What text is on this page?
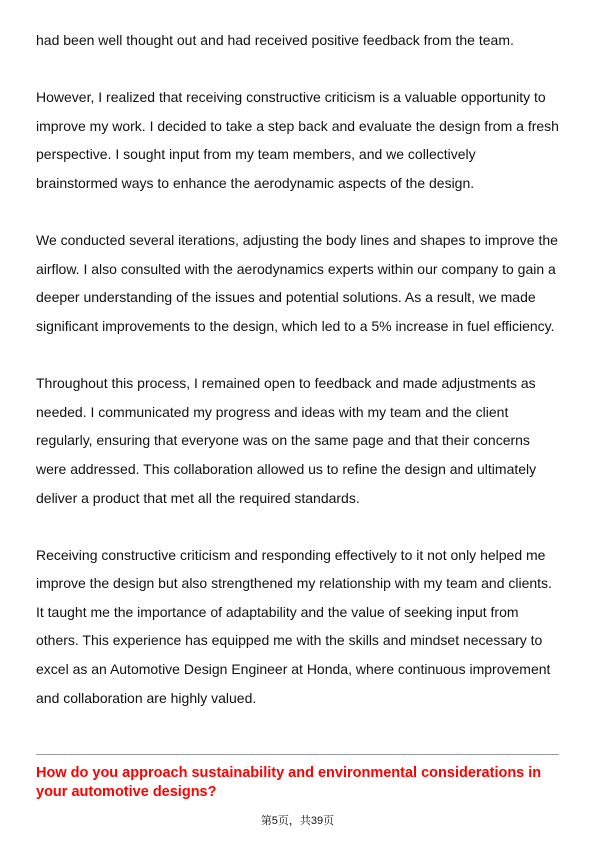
had been well thought out and had received positive feedback from the team.

However, I realized that receiving constructive criticism is a valuable opportunity to improve my work. I decided to take a step back and evaluate the design from a fresh perspective. I sought input from my team members, and we collectively brainstormed ways to enhance the aerodynamic aspects of the design.

We conducted several iterations, adjusting the body lines and shapes to improve the airflow. I also consulted with the aerodynamics experts within our company to gain a deeper understanding of the issues and potential solutions. As a result, we made significant improvements to the design, which led to a 5% increase in fuel efficiency.

Throughout this process, I remained open to feedback and made adjustments as needed. I communicated my progress and ideas with my team and the client regularly, ensuring that everyone was on the same page and that their concerns were addressed. This collaboration allowed us to refine the design and ultimately deliver a product that met all the required standards.

Receiving constructive criticism and responding effectively to it not only helped me improve the design but also strengthened my relationship with my team and clients. It taught me the importance of adaptability and the value of seeking input from others. This experience has equipped me with the skills and mindset necessary to excel as an Automotive Design Engineer at Honda, where continuous improvement and collaboration are highly valued.

How do you approach sustainability and environmental considerations in your automotive designs?

第5页，共39页
